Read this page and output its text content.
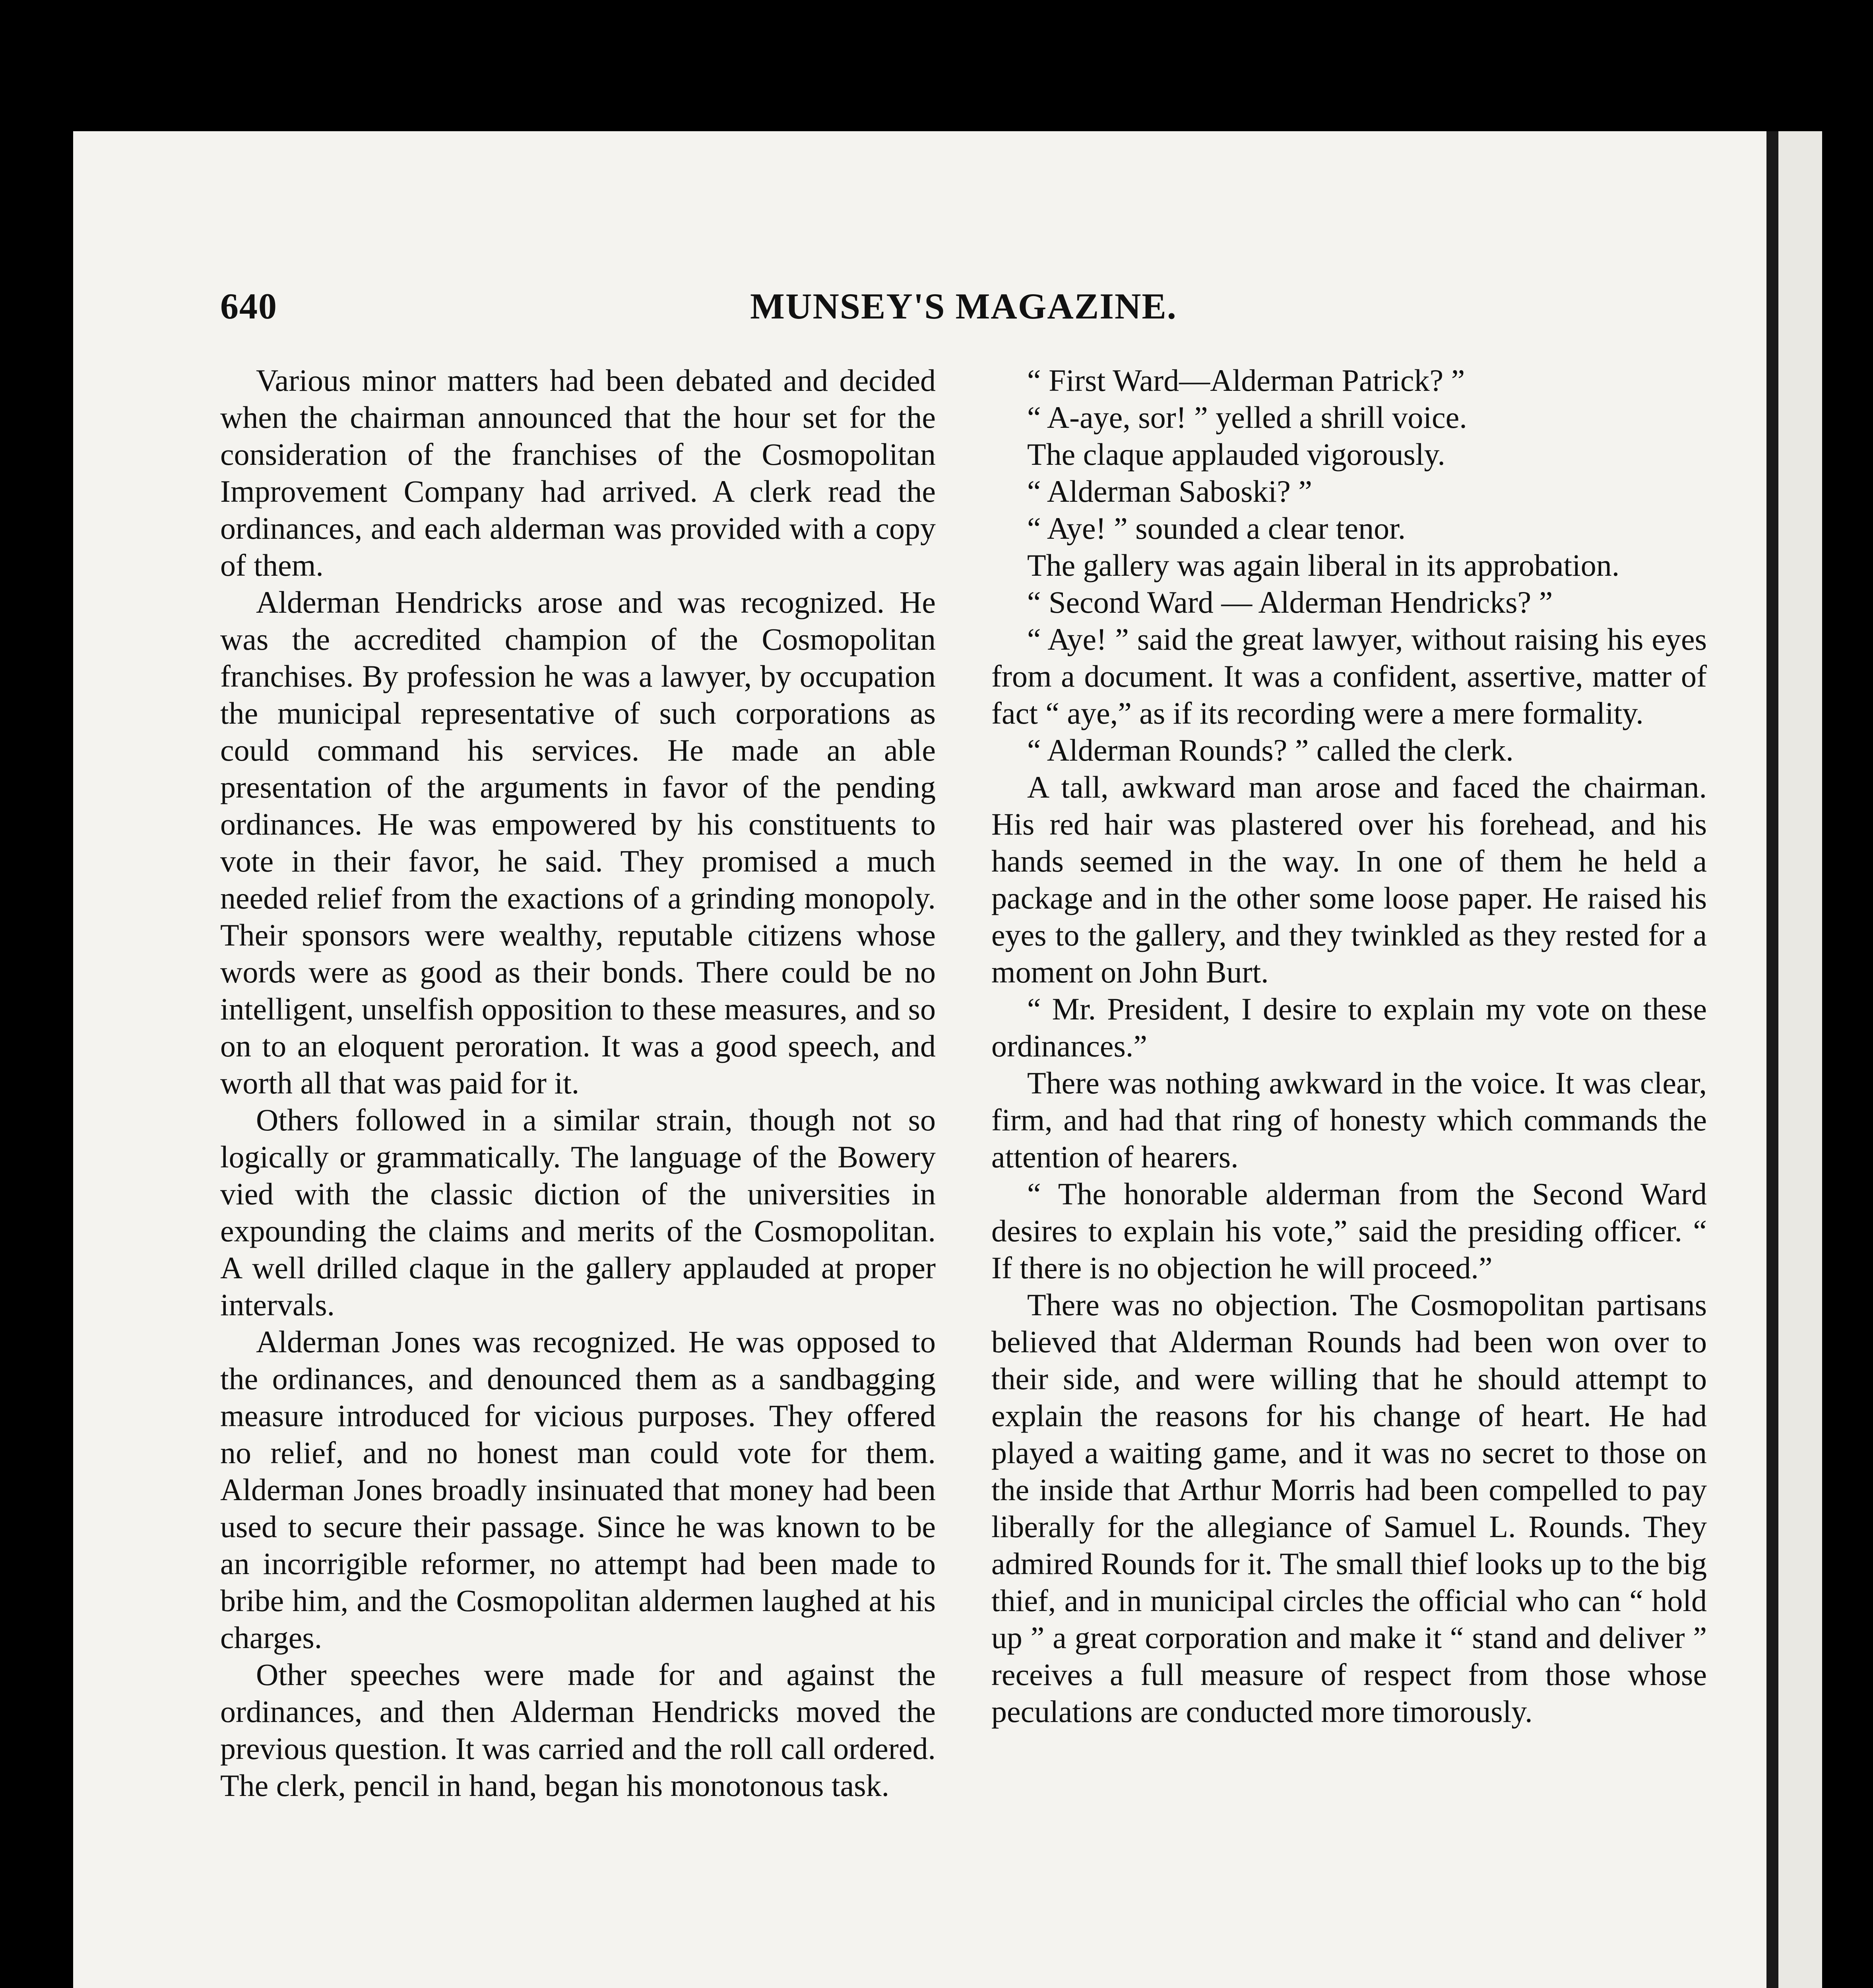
640	MUNSEY'S MAGAZINE.

Various minor matters had been debated and decided when the chairman announced that the hour set for the consideration of the franchises of the Cosmopolitan Improvement Company had arrived. A clerk read the ordinances, and each alderman was provided with a copy of them.

Alderman Hendricks arose and was recognized. He was the accredited champion of the Cosmopolitan franchises. By profession he was a lawyer, by occupation the municipal representative of such corporations as could command his services. He made an able presentation of the arguments in favor of the pending ordinances. He was empowered by his constituents to vote in their favor, he said. They promised a much needed relief from the exactions of a grinding monopoly. Their sponsors were wealthy, reputable citizens whose words were as good as their bonds. There could be no intelligent, unselfish opposition to these measures, and so on to an eloquent peroration. It was a good speech, and worth all that was paid for it.

Others followed in a similar strain, though not so logically or grammatically. The language of the Bowery vied with the classic diction of the universities in expounding the claims and merits of the Cosmopolitan. A well drilled claque in the gallery applauded at proper intervals.

Alderman Jones was recognized. He was opposed to the ordinances, and denounced them as a sandbagging measure introduced for vicious purposes. They offered no relief, and no honest man could vote for them. Alderman Jones broadly insinuated that money had been used to secure their passage. Since he was known to be an incorrigible reformer, no attempt had been made to bribe him, and the Cosmopolitan aldermen laughed at his charges.

Other speeches were made for and against the ordinances, and then Alderman Hendricks moved the previous question. It was carried and the roll call ordered. The clerk, pencil in hand, began his monotonous task.

“ First Ward—Alderman Patrick? ”

“ A-aye, sor! ” yelled a shrill voice.

The claque applauded vigorously.

“ Alderman Saboski? ”

“ Aye! ” sounded a clear tenor.

The gallery was again liberal in its approbation.

“ Second Ward — Alderman Hendricks? ”

“ Aye! ” said the great lawyer, without raising his eyes from a document. It was a confident, assertive, matter of fact “ aye,” as if its recording were a mere formality.

“ Alderman Rounds? ” called the clerk.

A tall, awkward man arose and faced the chairman. His red hair was plastered over his forehead, and his hands seemed in the way. In one of them he held a package and in the other some loose paper. He raised his eyes to the gallery, and they twinkled as they rested for a moment on John Burt.

“ Mr. President, I desire to explain my vote on these ordinances.”

There was nothing awkward in the voice. It was clear, firm, and had that ring of honesty which commands the attention of hearers.

“ The honorable alderman from the Second Ward desires to explain his vote,” said the presiding officer. “ If there is no objection he will proceed.”

There was no objection. The Cosmopolitan partisans believed that Alderman Rounds had been won over to their side, and were willing that he should attempt to explain the reasons for his change of heart. He had played a waiting game, and it was no secret to those on the inside that Arthur Morris had been compelled to pay liberally for the allegiance of Samuel L. Rounds. They admired Rounds for it. The small thief looks up to the big thief, and in municipal circles the official who can “ hold up ” a great corporation and make it “ stand and deliver ” receives a full measure of respect from those whose peculations are conducted more timorously.
